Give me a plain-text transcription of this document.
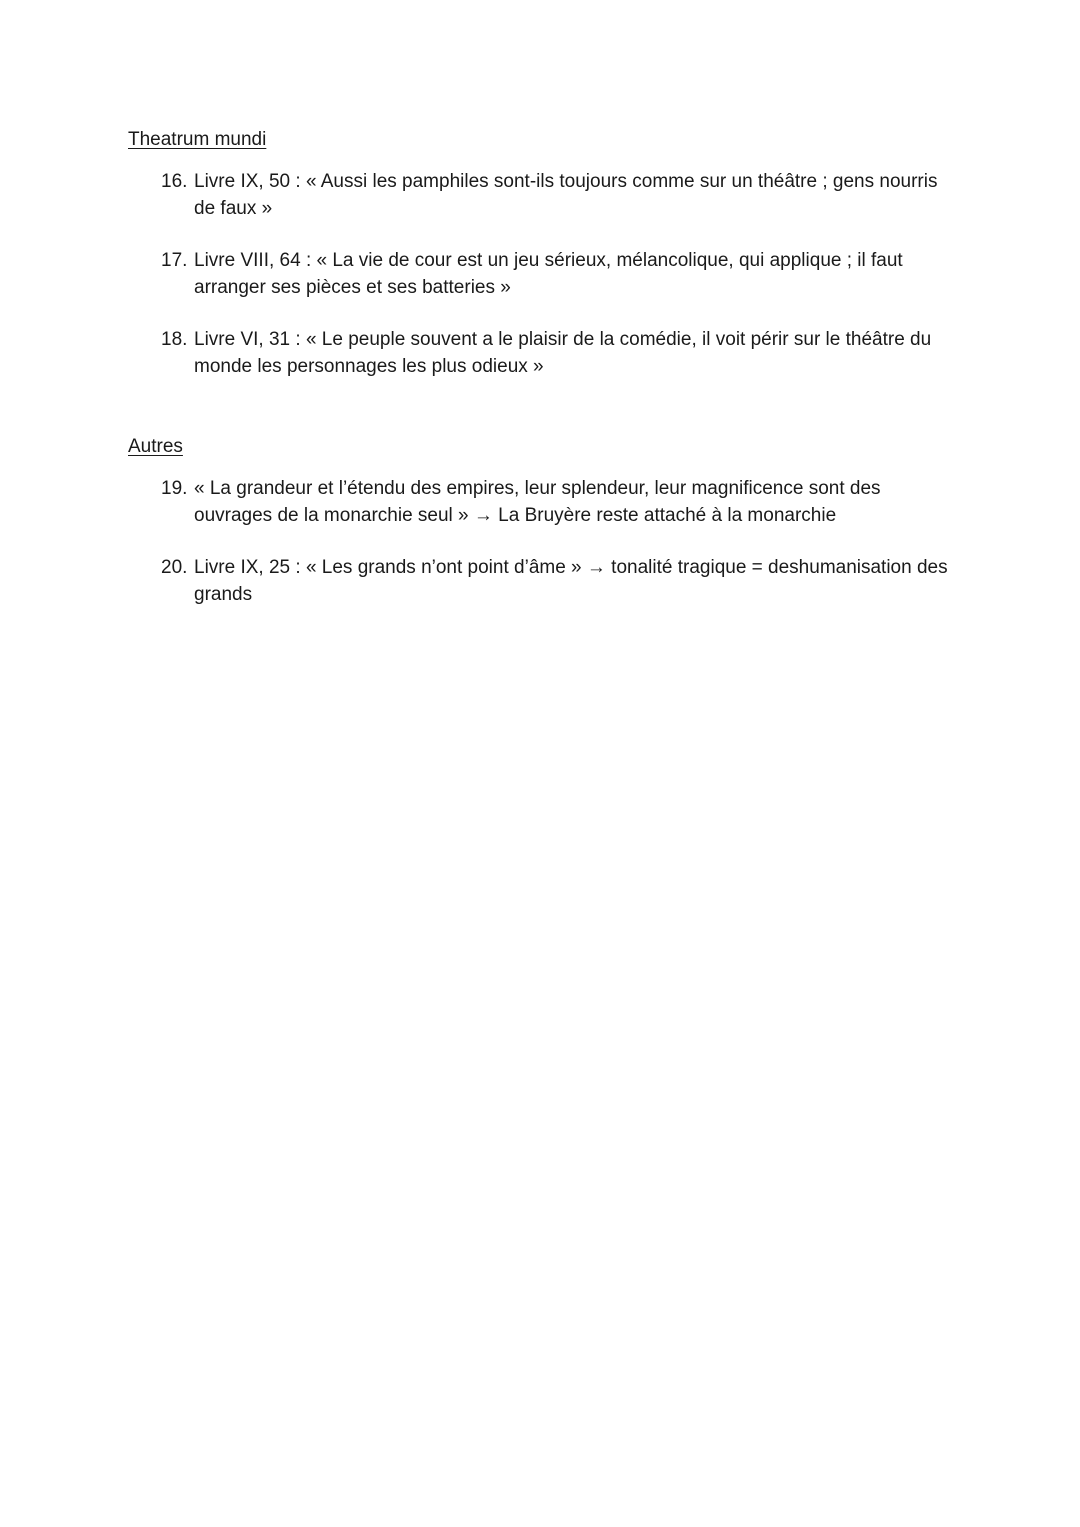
Theatrum mundi
16. Livre IX, 50 : « Aussi les pamphiles sont-ils toujours comme sur un théâtre ; gens nourris de faux »
17. Livre VIII, 64 : « La vie de cour est un jeu sérieux, mélancolique, qui applique ; il faut arranger ses pièces et ses batteries »
18. Livre VI, 31 : « Le peuple souvent a le plaisir de la comédie, il voit périr sur le théâtre du monde les personnages les plus odieux »
Autres
19. « La grandeur et l’étendu des empires, leur splendeur, leur magnificence sont des ouvrages de la monarchie seul » → La Bruyère reste attaché à la monarchie
20. Livre IX, 25 : « Les grands n’ont point d’âme » → tonalité tragique = deshumanisation des grands
